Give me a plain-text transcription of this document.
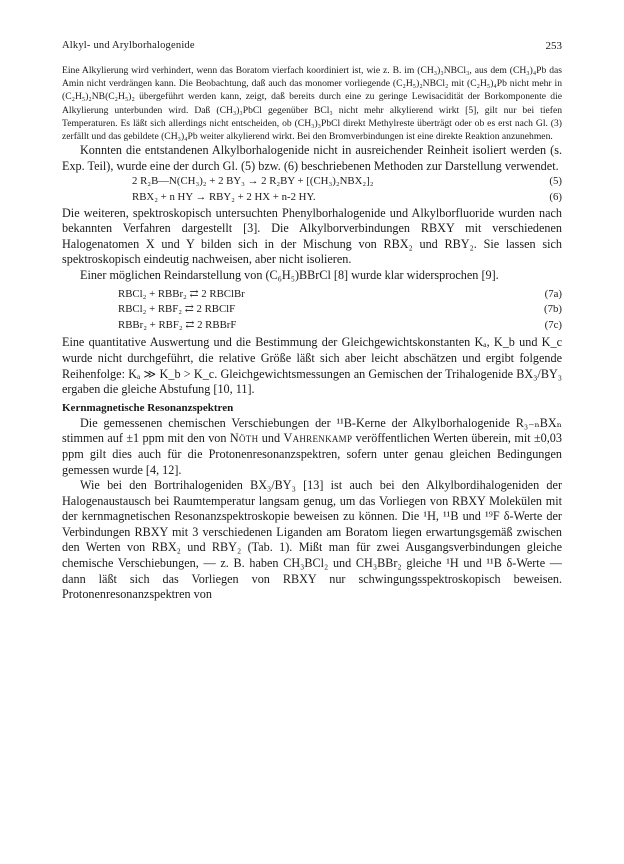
Alkyl- und Arylborhalogenide	253

Eine Alkylierung wird verhindert, wenn das Boratom vierfach koordiniert ist, wie z. B. im (CH₃)₃NBCl₃, aus dem (CH₃)₄Pb das Amin nicht verdrängen kann. Die Beobachtung, daß auch das monomer vorliegende (C₂H₅)₂NBCl₂ mit (C₂H₅)₄Pb nicht mehr in (C₂H₅)₂NB(C₂H₅)₂ übergeführt werden kann, zeigt, daß bereits durch eine zu geringe Lewisacidität der Borkomponente die Alkylierung unterbunden wird. Daß (CH₃)₃PbCl gegenüber BCl₃ nicht mehr alkylierend wirkt [5], gilt nur bei tiefen Temperaturen. Es läßt sich allerdings nicht entscheiden, ob (CH₃)₃PbCl direkt Methylreste überträgt oder ob es erst nach Gl. (3) zerfällt und das gebildete (CH₃)₄Pb weiter alkylierend wirkt. Bei den Bromverbindungen ist eine direkte Reaktion anzunehmen.

Konnten die entstandenen Alkylborhalogenide nicht in ausreichender Reinheit isoliert werden (s. Exp. Teil), wurde eine der durch Gl. (5) bzw. (6) beschriebenen Methoden zur Darstellung verwendet.

2 R₂B—N(CH₃)₂ + 2 BY₃ → 2 R₂BY + [(CH₃)₂NBX₂]₂	(5)
RBX₂ + n HY → RBY₂ + 2 HX + n-2 HY.	(6)

Die weiteren, spektroskopisch untersuchten Phenylborhalogenide und Alkylborfluoride wurden nach bekannten Verfahren dargestellt [3]. Die Alkylborverbindungen RBXY mit verschiedenen Halogenatomen X und Y bilden sich in der Mischung von RBX₂ und RBY₂. Sie lassen sich spektroskopisch eindeutig nachweisen, aber nicht isolieren.

Einer möglichen Reindarstellung von (C₆H₅)BBrCl [8] wurde klar widersprochen [9].

RBCl₂ + RBBr₂ ⇄ 2 RBClBr	(7a)
RBCl₂ + RBF₂ ⇄ 2 RBClF	(7b)
RBBr₂ + RBF₂ ⇄ 2 RBBrF	(7c)

Eine quantitative Auswertung und die Bestimmung der Gleichgewichtskonstanten Kₐ, K_b und K_c wurde nicht durchgeführt, die relative Größe läßt sich aber leicht abschätzen und ergibt folgende Reihenfolge: Kₐ ≫ K_b > K_c. Gleichgewichtsmessungen an Gemischen der Trihalogenide BX₃/BY₃ ergaben die gleiche Abstufung [10, 11].

Kernmagnetische Resonanzspektren

Die gemessenen chemischen Verschiebungen der ¹¹B-Kerne der Alkylborhalogenide R₃₋ₙBXₙ stimmen auf ±1 ppm mit den von Nöth und Vahrenkamp veröffentlichen Werten überein, mit ±0,03 ppm gilt dies auch für die Protonenresonanzspektren, sofern unter genau gleichen Bedingungen gemessen wurde [4, 12].

Wie bei den Bortrihalogeniden BX₃/BY₃ [13] ist auch bei den Alkylbordihalogeniden der Halogenaustausch bei Raumtemperatur langsam genug, um das Vorliegen von RBXY Molekülen mit der kernmagnetischen Resonanzspektroskopie beweisen zu können. Die ¹H, ¹¹B und ¹⁹F δ-Werte der Verbindungen RBXY mit 3 verschiedenen Liganden am Boratom liegen erwartungsgemäß zwischen den Werten von RBX₂ und RBY₂ (Tab. 1). Mißt man für zwei Ausgangsverbindungen gleiche chemische Verschiebungen, — z. B. haben CH₃BCl₂ und CH₃BBr₂ gleiche ¹H und ¹¹B δ-Werte — dann läßt sich das Vorliegen von RBXY nur schwingungsspektroskopisch beweisen. Protonenresonanzspektren von
